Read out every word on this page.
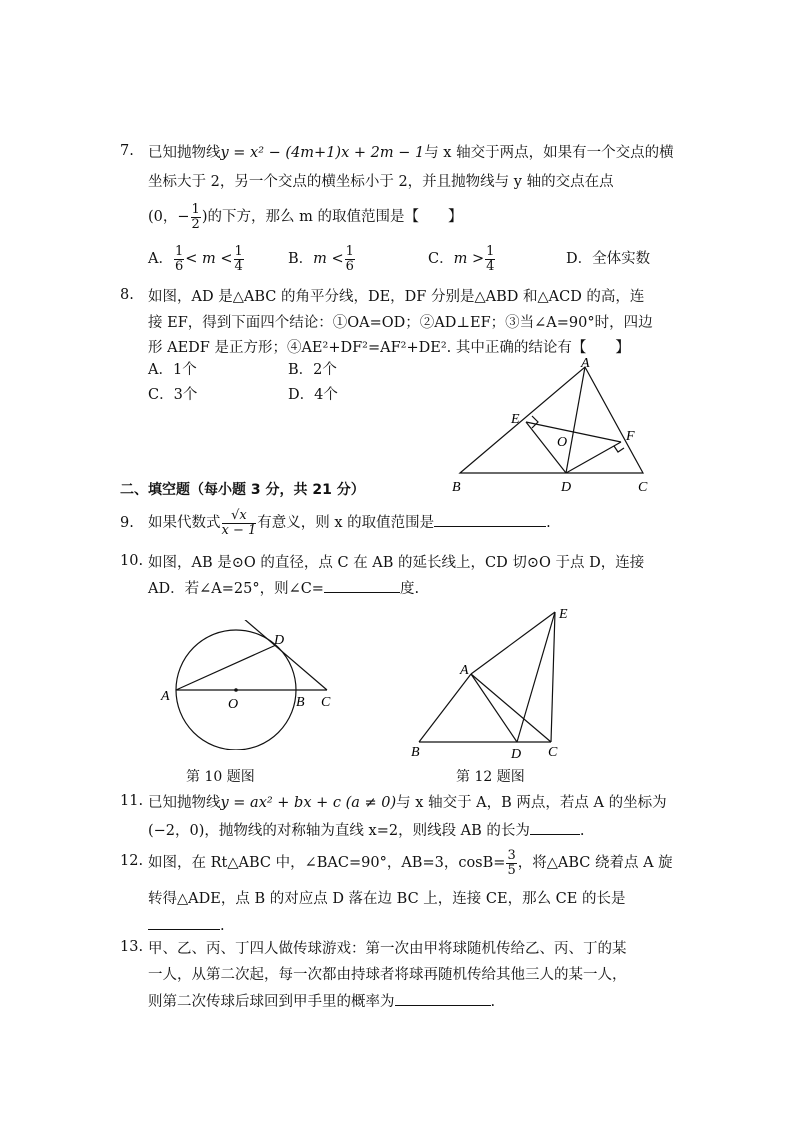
7. 已知抛物线y = x² − (4m+1)x + 2m − 1与 x 轴交于两点，如果有一个交点的横
坐标大于 2，另一个交点的横坐标小于 2，并且抛物线与 y 轴的交点在点
(0，− $\frac{1}{2}$ )的下方，那么 m 的取值范围是【　　】
A． $\frac{1}{6} < m < \frac{1}{4}$	B．$m < \frac{1}{6}$	C．$m > \frac{1}{4}$	D．全体实数
8. 如图，AD 是△ABC 的角平分线，DE，DF 分别是△ABD 和△ACD 的高，连
接 EF，得到下面四个结论：①OA=OD；②AD⊥EF；③当∠A=90°时，四边
形 AEDF 是正方形；④AE²+DF²=AF²+DE². 其中正确的结论有【　　】
A．1个	B．2个
C．3个	D．4个
A
B	C
D
E
F
O
二、填空题（每小题 3 分，共 21 分）
9. 如果代数式 $\frac{√x}{x - 1}$ 有意义，则 x 的取值范围是	.
10. 如图，AB 是⊙O 的直径，点 C 在 AB 的延长线上，CD 切⊙O 于点 D，连接
AD．若∠A=25°，则∠C=	度.
A
O	B C
D
第 10 题图
B
A
D C
E
第 12 题图
11. 已知抛物线y = ax² + bx + c (a ≠ 0)与 x 轴交于 A，B 两点，若点 A 的坐标为
(−2，0)，抛物线的对称轴为直线 x=2，则线段 AB 的长为	.
12. 如图，在 Rt△ABC 中，∠BAC=90°，AB=3，$\cos B= \frac{3}{5}$ ，将△ABC 绕着点 A 旋
转得△ADE，点 B 的对应点 D 落在边 BC 上，连接 CE，那么 CE 的长是
.
13. 甲、乙、丙、丁四人做传球游戏：第一次由甲将球随机传给乙、丙、丁的某
一人，从第二次起，每一次都由持球者将球再随机传给其他三人的某一人，
则第二次传球后球回到甲手里的概率为	.
